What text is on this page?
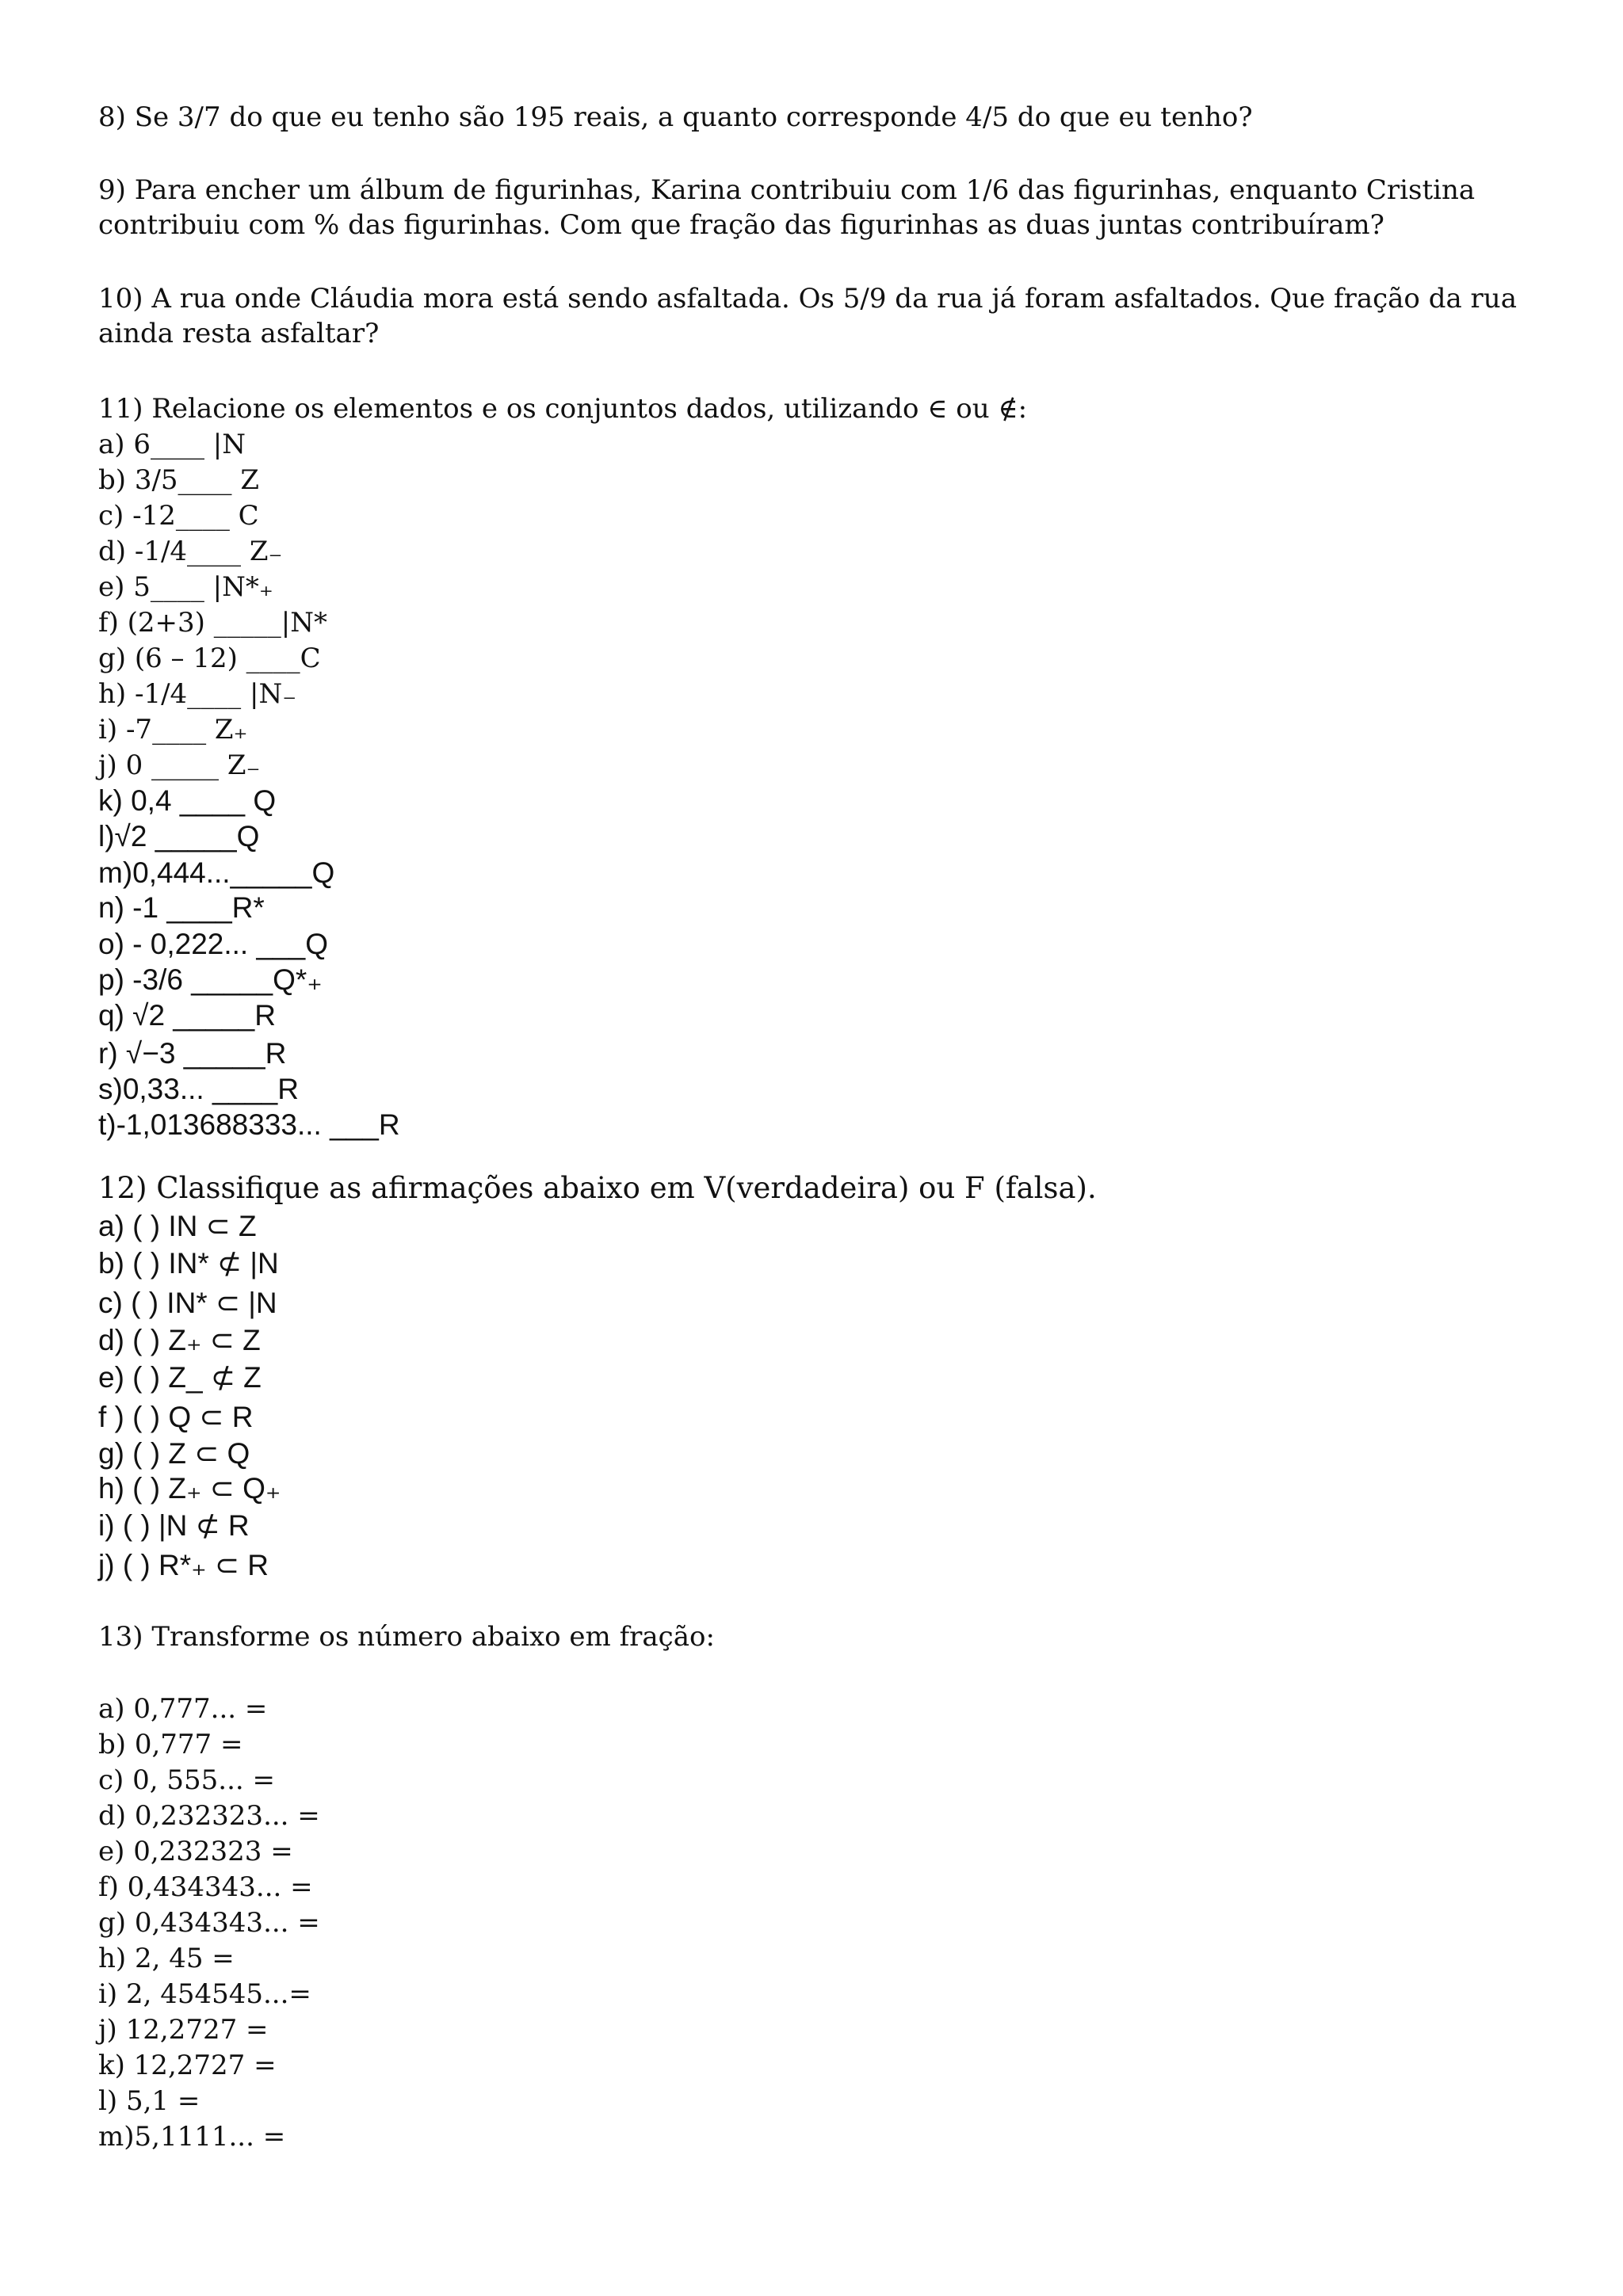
8) Se 3/7 do que eu tenho são 195 reais, a quanto corresponde 4/5 do que eu tenho?
9) Para encher um álbum de figurinhas, Karina contribuiu com 1/6 das figurinhas, enquanto Cristina contribuiu com % das figurinhas. Com que fração das figurinhas as duas juntas contribuíram?
10) A rua onde Cláudia mora está sendo asfaltada. Os 5/9 da rua já foram asfaltados. Que fração da rua ainda resta asfaltar?
11) Relacione os elementos e os conjuntos dados, utilizando ∈ ou ∉:
a) 6____ |N
b) 3/5____ Z
c) -12____ C
d) -1/4____ Z₋
e) 5____ |N*₊
f) (2+3) _____|N*
g) (6 – 12) ____C
h) -1/4____ |N₋
i) -7____ Z₊
j) 0 _____ Z₋
k) 0,4 ____ Q
l)√2 _____Q
m)0,444..._____Q
n) -1 ____R*
o) - 0,222... ___Q
p) -3/6 _____Q*₊
q) √2 _____R
r) √−3 _____R
s)0,33... ____R
t)-1,013688333... ___R
12) Classifique as afirmações abaixo em V(verdadeira) ou F (falsa).
a) ( ) IN ⊂ Z
b) ( ) IN* ⊄ |N
c) ( ) IN* ⊂ |N
d) ( ) Z₊ ⊂ Z
e) ( ) Z_ ⊄ Z
f ) ( ) Q ⊂ R
g) ( ) Z ⊂ Q
h) ( ) Z₊ ⊂ Q₊
i) ( ) |N ⊄ R
j) ( ) R*₊ ⊂ R
13) Transforme os número abaixo em fração:
a) 0,777... =
b) 0,777 =
c) 0, 555... =
d) 0,232323... =
e) 0,232323 =
f) 0,434343... =
g) 0,434343... =
h) 2, 45 =
i) 2, 454545...=
j) 12,2727 =
k) 12,2727 =
l) 5,1 =
m)5,1111... =
